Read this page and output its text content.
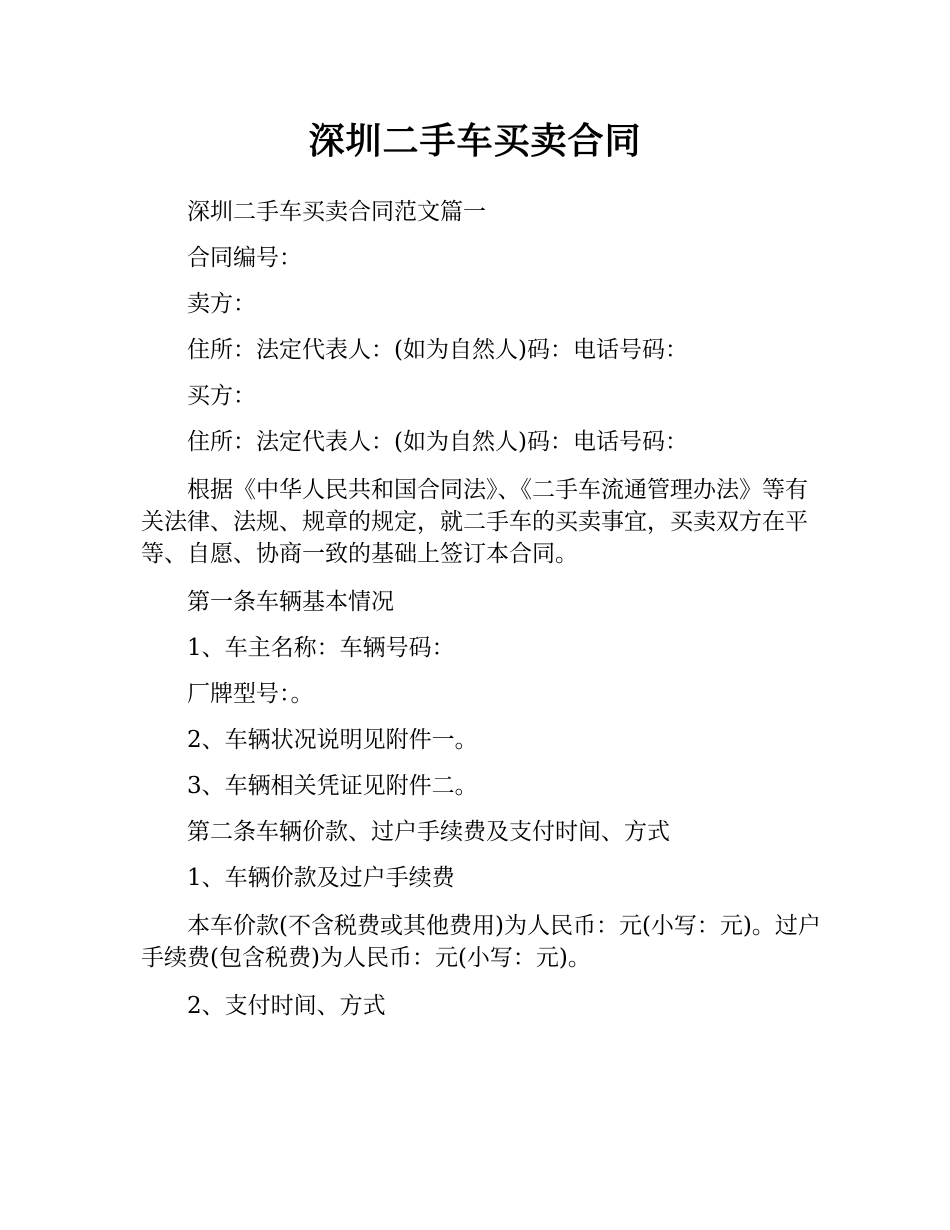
深圳二手车买卖合同

深圳二手车买卖合同范文篇一

合同编号：

卖方：

住所：法定代表人：(如为自然人)码：电话号码：

买方：

住所：法定代表人：(如为自然人)码：电话号码：

根据《中华人民共和国合同法》、《二手车流通管理办法》等有关法律、法规、规章的规定，就二手车的买卖事宜，买卖双方在平等、自愿、协商一致的基础上签订本合同。

第一条车辆基本情况

1、车主名称：车辆号码：

厂牌型号：。

2、车辆状况说明见附件一。

3、车辆相关凭证见附件二。

第二条车辆价款、过户手续费及支付时间、方式

1、车辆价款及过户手续费

本车价款(不含税费或其他费用)为人民币：元(小写：元)。过户手续费(包含税费)为人民币：元(小写：元)。

2、支付时间、方式
